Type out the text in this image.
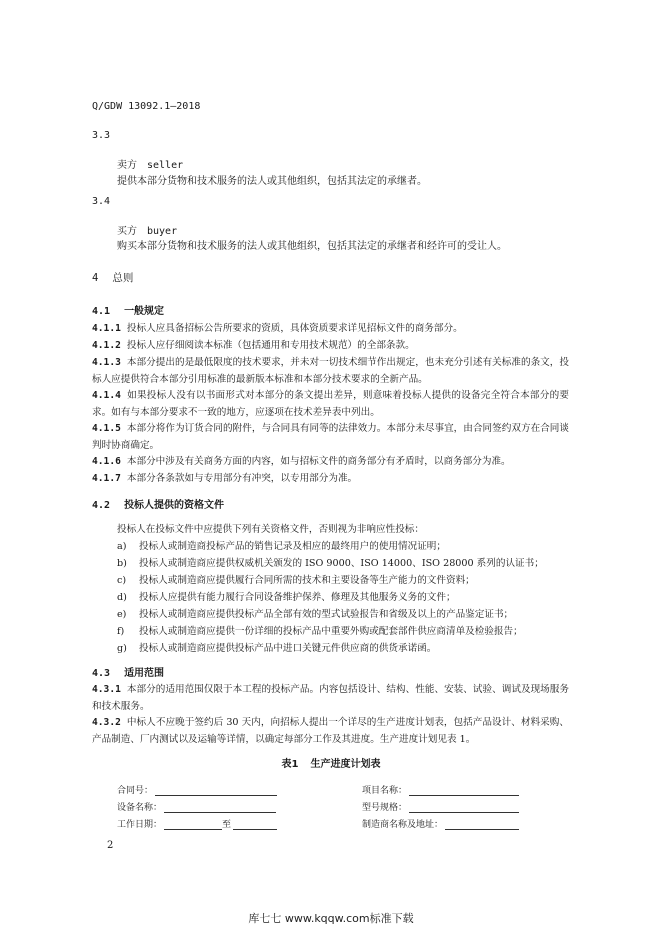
Q/GDW 13092.1—2018
3.3
卖方 seller
提供本部分货物和技术服务的法人或其他组织，包括其法定的承继者。
3.4
买方 buyer
购买本部分货物和技术服务的法人或其他组织，包括其法定的承继者和经许可的受让人。
4 总则
4.1 一般规定
4.1.1 投标人应具备招标公告所要求的资质，具体资质要求详见招标文件的商务部分。
4.1.2 投标人应仔细阅读本标准（包括通用和专用技术规范）的全部条款。
4.1.3 本部分提出的是最低限度的技术要求，并未对一切技术细节作出规定，也未充分引述有关标准的条文，投标人应提供符合本部分引用标准的最新版本标准和本部分技术要求的全新产品。
4.1.4 如果投标人没有以书面形式对本部分的条文提出差异，则意味着投标人提供的设备完全符合本部分的要求。如有与本部分要求不一致的地方，应逐项在技术差异表中列出。
4.1.5 本部分将作为订货合同的附件，与合同具有同等的法律效力。本部分未尽事宜，由合同签约双方在合同谈判时协商确定。
4.1.6 本部分中涉及有关商务方面的内容，如与招标文件的商务部分有矛盾时，以商务部分为准。
4.1.7 本部分各条款如与专用部分有冲突，以专用部分为准。
4.2 投标人提供的资格文件
投标人在投标文件中应提供下列有关资格文件，否则视为非响应性投标：
a) 投标人或制造商投标产品的销售记录及相应的最终用户的使用情况证明；
b) 投标人或制造商应提供权威机关颁发的 ISO 9000、ISO 14000、ISO 28000 系列的认证书；
c) 投标人或制造商应提供履行合同所需的技术和主要设备等生产能力的文件资料；
d) 投标人应提供有能力履行合同设备维护保养、修理及其他服务义务的文件；
e) 投标人或制造商应提供投标产品全部有效的型式试验报告和省级及以上的产品鉴定证书；
f) 投标人或制造商应提供一份详细的投标产品中重要外购或配套部件供应商清单及检验报告；
g) 投标人或制造商应提供投标产品中进口关键元件供应商的供货承诺函。
4.3 适用范围
4.3.1 本部分的适用范围仅限于本工程的投标产品。内容包括设计、结构、性能、安装、试验、调试及现场服务和技术服务。
4.3.2 中标人不应晚于签约后 30 天内，向招标人提出一个详尽的生产进度计划表，包括产品设计、材料采购、产品制造、厂内测试以及运输等详情，以确定每部分工作及其进度。生产进度计划见表 1。
表1 生产进度计划表
合同号：	项目名称：
设备名称：	型号规格：
工作日期：	至	制造商名称及地址：
2
库七七 www.kqqw.com标准下载
